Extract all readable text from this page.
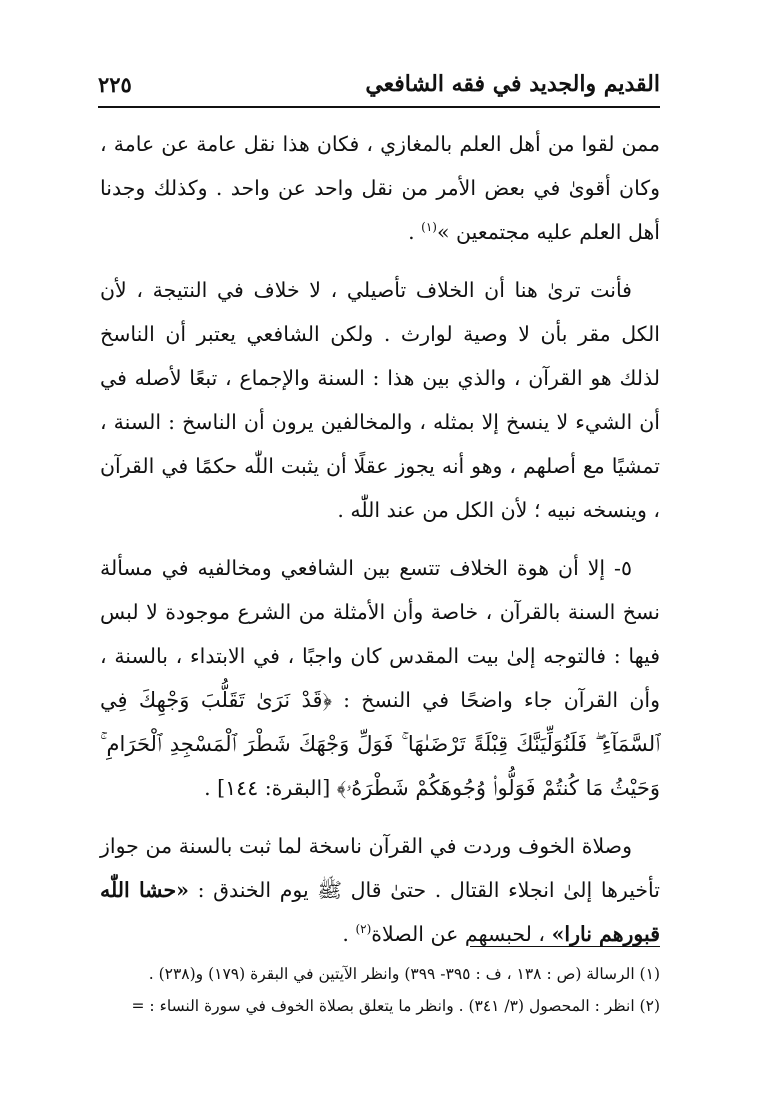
القديم والجديد في فقه الشافعي
٢٢٥

ممن لقوا من أهل العلم بالمغازي ، فكان هذا نقل عامة عن عامة ، وكان أقوىٰ في بعض الأمر من نقل واحد عن واحد . وكذلك وجدنا أهل العلم عليه مجتمعين »$^{(١)}$ .

فأنت ترىٰ هنا أن الخلاف تأصيلي ، لا خلاف في النتيجة ، لأن الكل مقر بأن لا وصية لوارث . ولكن الشافعي يعتبر أن الناسخ لذلك هو القرآن ، والذي بين هذا : السنة والإجماع ، تبعًا لأصله في أن الشيء لا ينسخ إلا بمثله ، والمخالفين يرون أن الناسخ : السنة ، تمشيًا مع أصلهم ، وهو أنه يجوز عقلًا أن يثبت اللّٰه حكمًا في القرآن ، وينسخه نبيه ؛ لأن الكل من عند اللّٰه .

٥- إلا أن هوة الخلاف تتسع بين الشافعي ومخالفيه في مسألة نسخ السنة بالقرآن ، خاصة وأن الأمثلة من الشرع موجودة لا لبس فيها : فالتوجه إلىٰ بيت المقدس كان واجبًا ، في الابتداء ، بالسنة ، وأن القرآن جاء واضحًا في النسخ : ﴿قَدْ نَرَىٰ تَقَلُّبَ وَجْهِكَ فِي ٱلسَّمَآءِ ۖ فَلَنُوَلِّيَنَّكَ قِبْلَةً تَرْضَىٰهَا ۚ فَوَلِّ وَجْهَكَ شَطْرَ ٱلْمَسْجِدِ ٱلْحَرَامِ ۚ وَحَيْثُ مَا كُنتُمْ فَوَلُّوا۟ وُجُوهَكُمْ شَطْرَهُۥ﴾ [البقرة: ١٤٤] .

وصلاة الخوف وردت في القرآن ناسخة لما ثبت بالسنة من جواز تأخيرها إلىٰ انجلاء القتال . حتىٰ قال ﷺ يوم الخندق : «حشا اللّٰه قبورهم نارا» ، لحبسهم عن الصلاة$^{(٢)}$ .

(١) الرسالة (ص : ١٣٨ ، ف : ٣٩٥- ٣٩٩) وانظر الآيتين في البقرة (١٧٩) و(٢٣٨) .

(٢) انظر : المحصول (٣/ ٣٤١) . وانظر ما يتعلق بصلاة الخوف في سورة النساء : =
